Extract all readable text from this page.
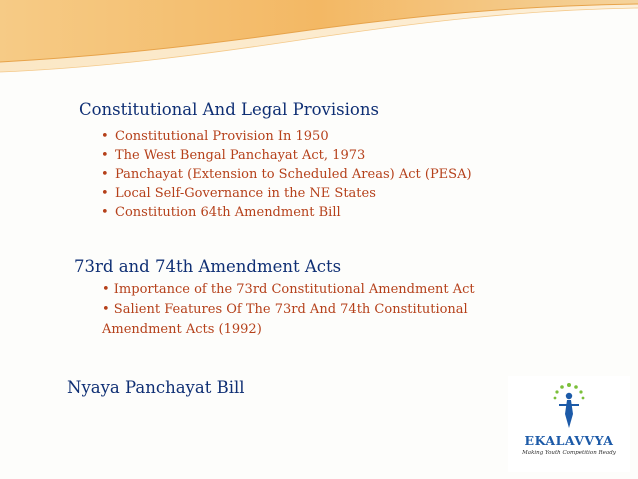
Constitutional And Legal Provisions
• Constitutional Provision In 1950
• The West Bengal Panchayat Act, 1973
• Panchayat (Extension to Scheduled Areas) Act (PESA)
• Local Self-Governance in the NE States
• Constitution 64th Amendment Bill
73rd and 74th Amendment Acts
• Importance of the 73rd Constitutional Amendment Act
• Salient Features Of The 73rd And 74th Constitutional
Amendment Acts (1992)
Nyaya Panchayat Bill
EKALAVVYA
Making Youth Competition Ready
